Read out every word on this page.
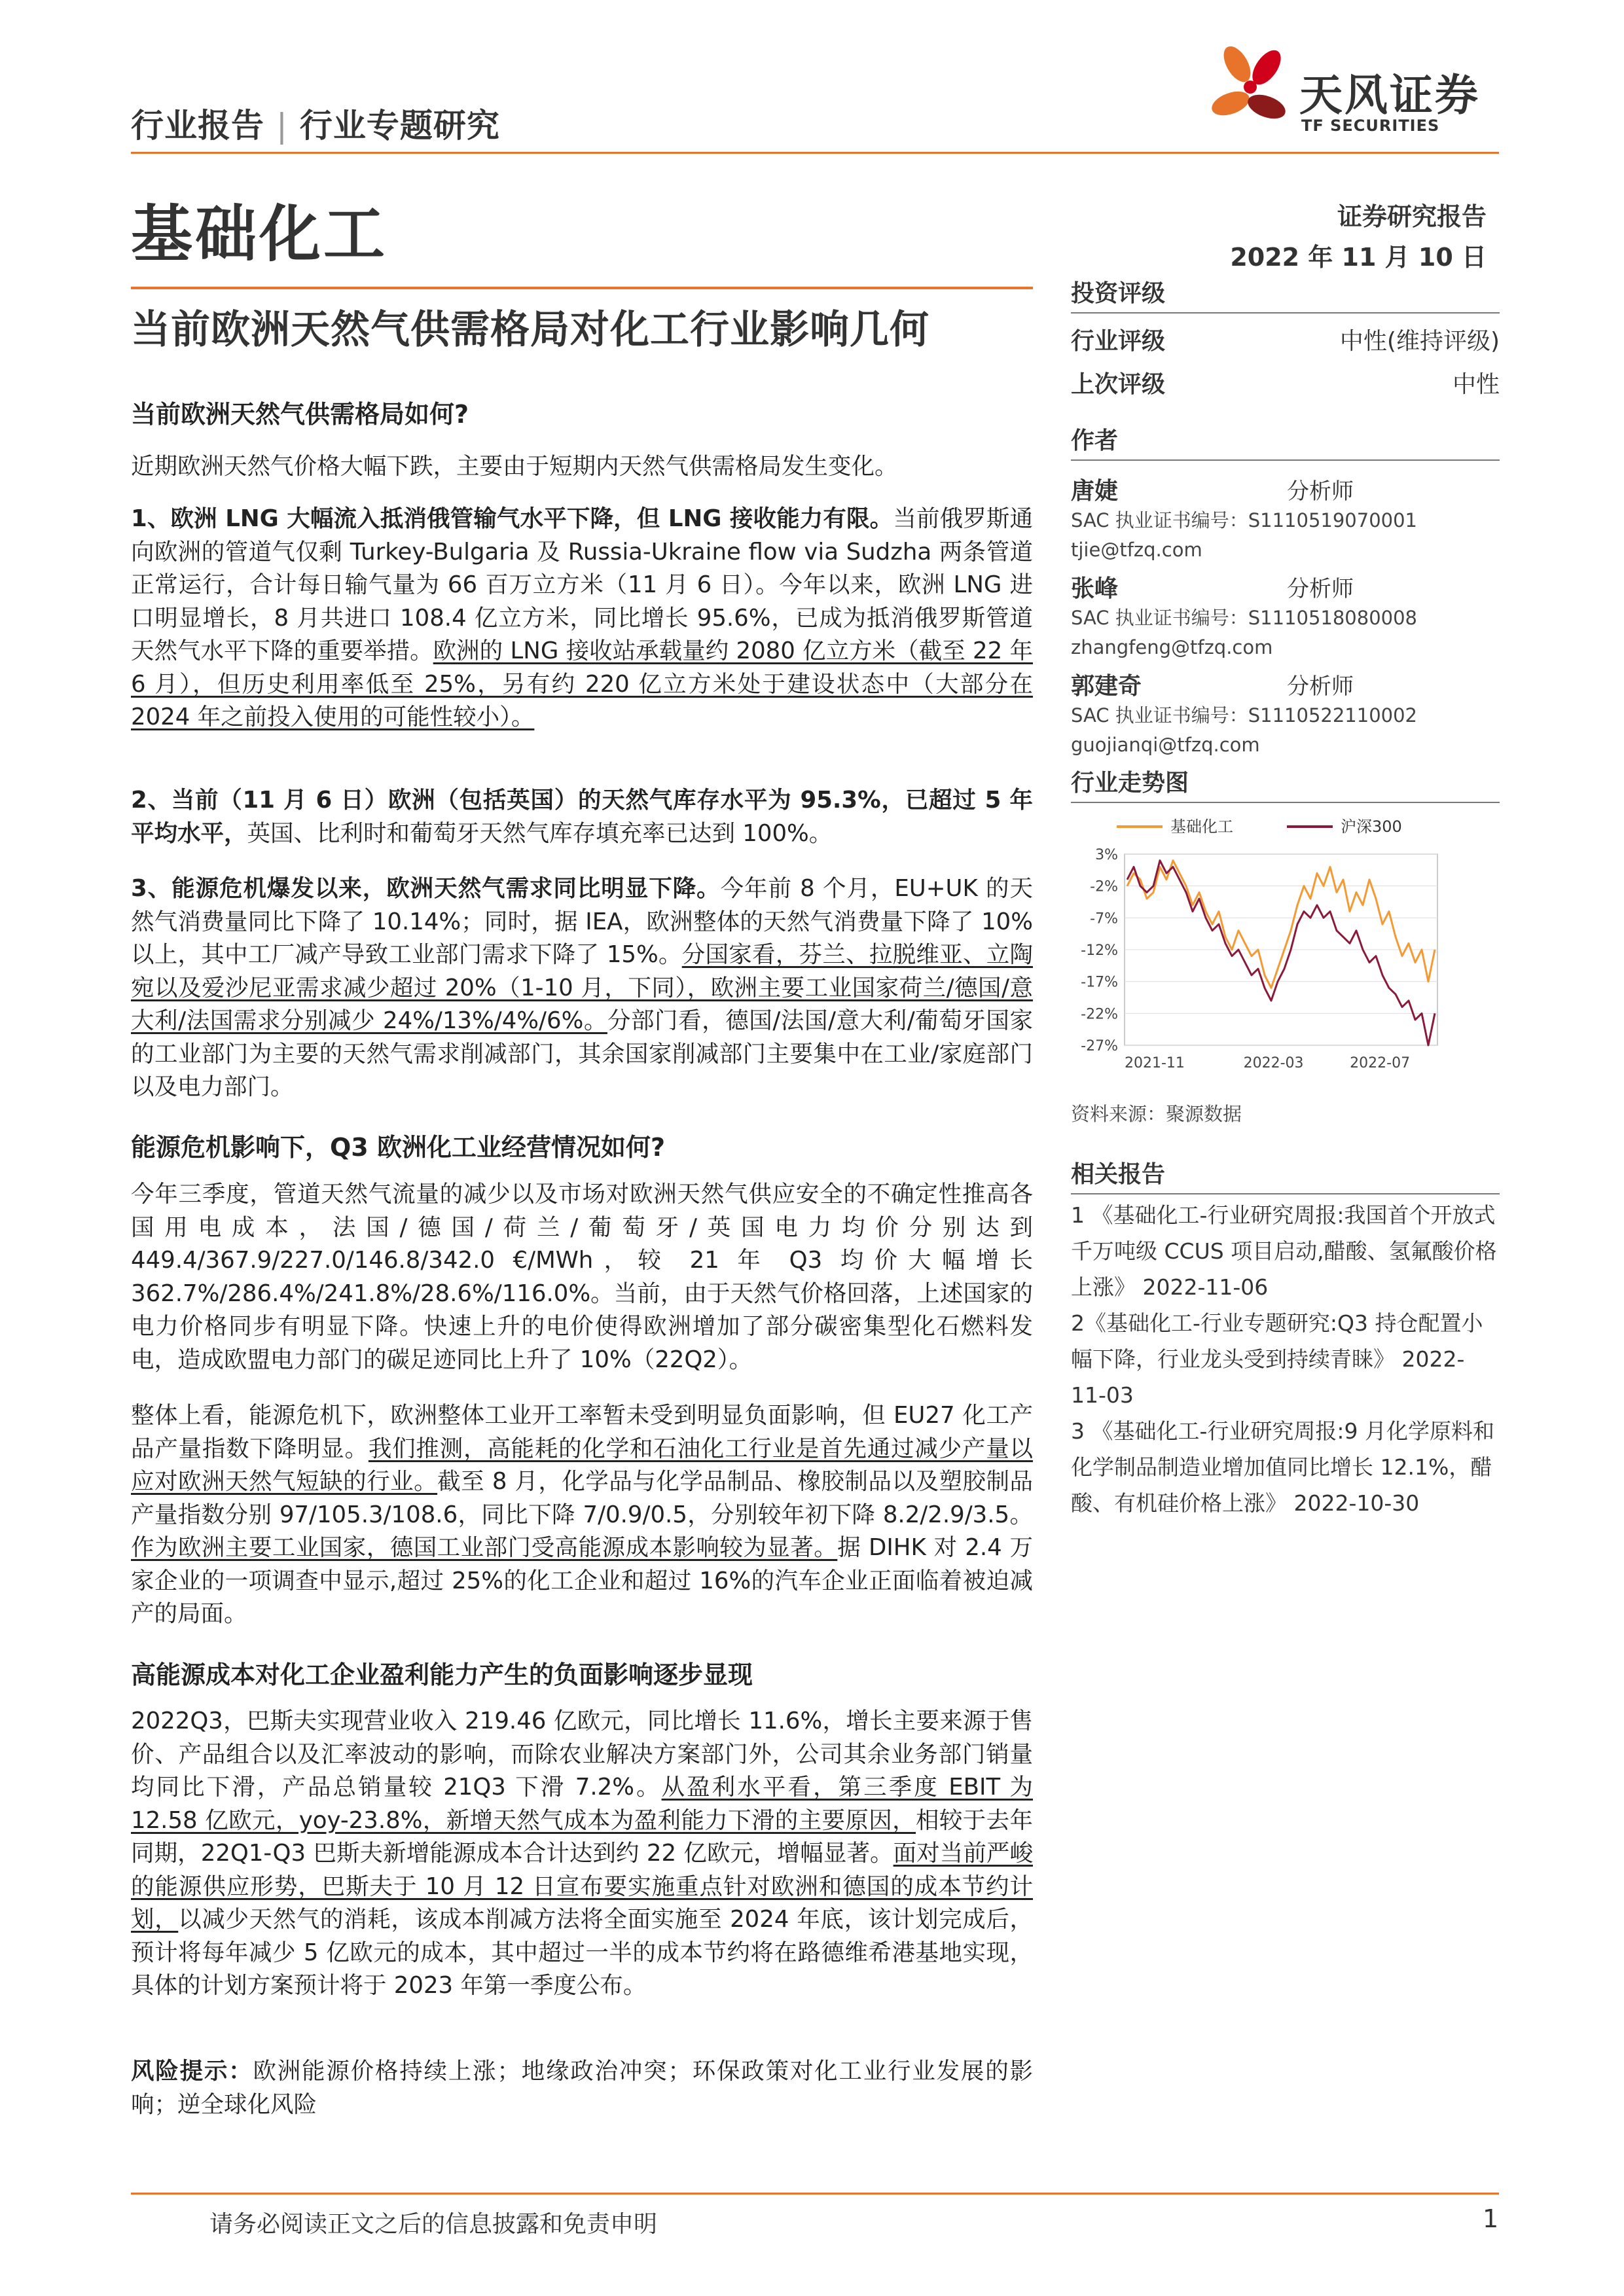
行业报告 | 行业专题研究
天风证券
TF SECURITIES
基础化工	证券研究报告
2022 年 11 月 10 日
当前欧洲天然气供需格局对化工行业影响几何
投资评级
行业评级	中性(维持评级)
上次评级	中性
作者
唐婕	分析师
SAC 执业证书编号：S1110519070001
tjie@tfzq.com
张峰	分析师
SAC 执业证书编号：S1110518080008
zhangfeng@tfzq.com
郭建奇	分析师
SAC 执业证书编号：S1110522110002
guojianqi@tfzq.com
行业走势图
3%
-2%
-7%
-12%
-17%
-22%
-27%
2021-11	2022-03	2022-07
基础化工	沪深300
资料来源：聚源数据
相关报告
1 《基础化工-行业研究周报:我国首个开放式千万吨级 CCUS 项目启动,醋酸、氢氟酸价格上涨》 2022-11-06
2《基础化工-行业专题研究:Q3 持仓配置小幅下降，行业龙头受到持续青睐》 2022-11-03
3 《基础化工-行业研究周报:9 月化学原料和化学制品制造业增加值同比增长 12.1%，醋酸、有机硅价格上涨》 2022-10-30
当前欧洲天然气供需格局如何?

近期欧洲天然气价格大幅下跌，主要由于短期内天然气供需格局发生变化。

1、欧洲 LNG 大幅流入抵消俄管输气水平下降，但 LNG 接收能力有限。当前俄罗斯通向欧洲的管道气仅剩 Turkey-Bulgaria 及 Russia-Ukraine flow via Sudzha 两条管道正常运行，合计每日输气量为 66 百万立方米（11 月 6 日）。今年以来，欧洲 LNG 进口明显增长，8 月共进口 108.4 亿立方米，同比增长 95.6%，已成为抵消俄罗斯管道天然气水平下降的重要举措。欧洲的 LNG 接收站承载量约 2080 亿立方米（截至 22 年 6 月），但历史利用率低至 25%，另有约 220 亿立方米处于建设状态中（大部分在 2024 年之前投入使用的可能性较小）。

2、当前（11 月 6 日）欧洲（包括英国）的天然气库存水平为 95.3%，已超过 5 年平均水平，英国、比利时和葡萄牙天然气库存填充率已达到 100%。

3、能源危机爆发以来，欧洲天然气需求同比明显下降。今年前 8 个月，EU+UK 的天然气消费量同比下降了 10.14%；同时，据 IEA，欧洲整体的天然气消费量下降了 10%以上，其中工厂减产导致工业部门需求下降了 15%。分国家看，芬兰、拉脱维亚、立陶宛以及爱沙尼亚需求减少超过 20%（1-10 月，下同），欧洲主要工业国家荷兰/德国/意大利/法国需求分别减少 24%/13%/4%/6%。分部门看，德国/法国/意大利/葡萄牙国家的工业部门为主要的天然气需求削减部门，其余国家削减部门主要集中在工业/家庭部门以及电力部门。

能源危机影响下，Q3 欧洲化工业经营情况如何?

今年三季度，管道天然气流量的减少以及市场对欧洲天然气供应安全的不确定性推高各国用电成本，法国/德国/荷兰/葡萄牙/英国电力均价分别达到 449.4/367.9/227.0/146.8/342.0 €/MWh，较 21 年 Q3 均价大幅增长 362.7%/286.4%/241.8%/28.6%/116.0%。当前，由于天然气价格回落，上述国家的电力价格同步有明显下降。快速上升的电价使得欧洲增加了部分碳密集型化石燃料发电，造成欧盟电力部门的碳足迹同比上升了 10%（22Q2）。

整体上看，能源危机下，欧洲整体工业开工率暂未受到明显负面影响，但 EU27 化工产品产量指数下降明显。我们推测，高能耗的化学和石油化工行业是首先通过减少产量以应对欧洲天然气短缺的行业。截至 8 月，化学品与化学品制品、橡胶制品以及塑胶制品产量指数分别 97/105.3/108.6，同比下降 7/0.9/0.5，分别较年初下降 8.2/2.9/3.5。作为欧洲主要工业国家，德国工业部门受高能源成本影响较为显著。据 DIHK 对 2.4 万家企业的一项调查中显示,超过 25%的化工企业和超过 16%的汽车企业正面临着被迫减产的局面。

高能源成本对化工企业盈利能力产生的负面影响逐步显现

2022Q3，巴斯夫实现营业收入 219.46 亿欧元，同比增长 11.6%，增长主要来源于售价、产品组合以及汇率波动的影响，而除农业解决方案部门外，公司其余业务部门销量均同比下滑，产品总销量较 21Q3 下滑 7.2%。从盈利水平看，第三季度 EBIT 为 12.58 亿欧元，yoy-23.8%，新增天然气成本为盈利能力下滑的主要原因，相较于去年同期，22Q1-Q3 巴斯夫新增能源成本合计达到约 22 亿欧元，增幅显著。面对当前严峻的能源供应形势，巴斯夫于 10 月 12 日宣布要实施重点针对欧洲和德国的成本节约计划，以减少天然气的消耗，该成本削减方法将全面实施至 2024 年底，该计划完成后，预计将每年减少 5 亿欧元的成本，其中超过一半的成本节约将在路德维希港基地实现，具体的计划方案预计将于 2023 年第一季度公布。

风险提示：欧洲能源价格持续上涨；地缘政治冲突；环保政策对化工业行业发展的影响；逆全球化风险

请务必阅读正文之后的信息披露和免责申明	1
